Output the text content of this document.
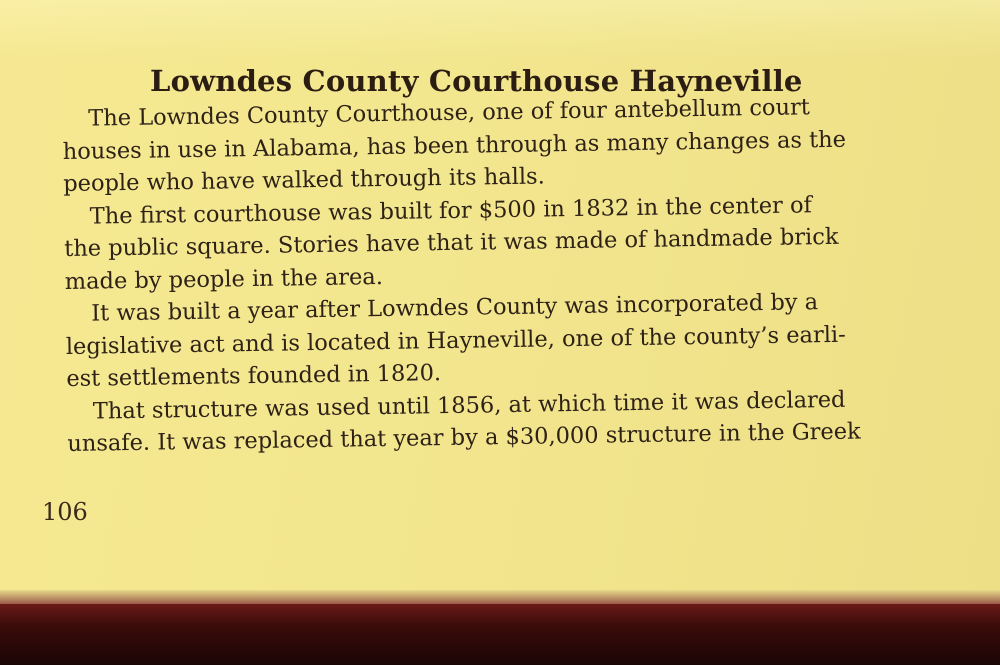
Lowndes County Courthouse Hayneville

The Lowndes County Courthouse, one of four antebellum court
houses in use in Alabama, has been through as many changes as the
people who have walked through its halls.

The first courthouse was built for $500 in 1832 in the center of
the public square. Stories have that it was made of handmade brick
made by people in the area.

It was built a year after Lowndes County was incorporated by a
legislative act and is located in Hayneville, one of the county’s earli-
est settlements founded in 1820.

That structure was used until 1856, at which time it was declared
unsafe. It was replaced that year by a $30,000 structure in the Greek

106
